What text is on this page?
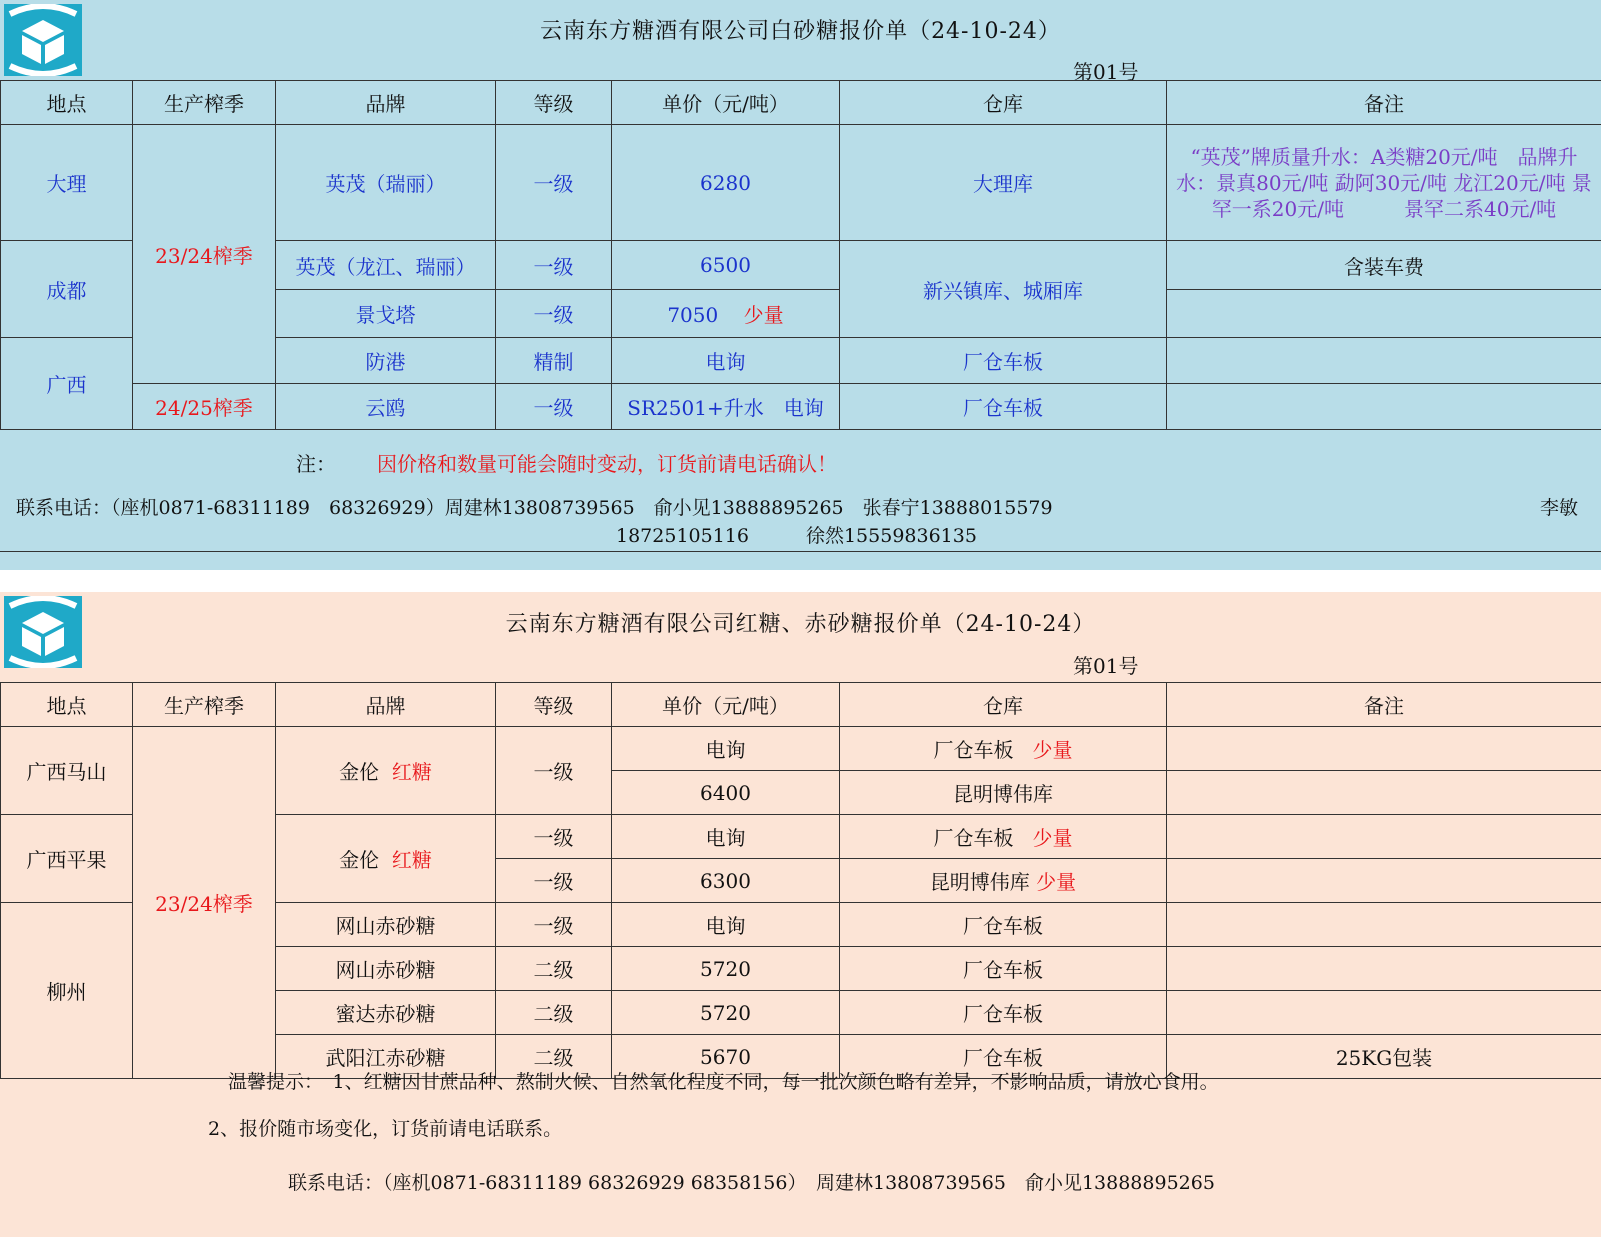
云南东方糖酒有限公司白砂糖报价单（24-10-24）
第01号
地点	生产榨季	品牌	等级	单价（元/吨）	仓库	备注
大理	23/24榨季	英茂（瑞丽）	一级	6280	大理库	“英茂”牌质量升水：A类糖20元/吨　品牌升水：景真80元/吨 勐阿30元/吨 龙江20元/吨 景罕一系20元/吨　　　景罕二系40元/吨
成都		英茂（龙江、瑞丽）	一级	6500	新兴镇库、城厢库	含装车费
		景戈塔	一级	7050 少量		
广西		防港	精制	电询	厂仓车板	
	24/25榨季	云鸥	一级	SR2501+升水　电询	厂仓车板	
注： 因价格和数量可能会随时变动，订货前请电话确认！
联系电话：（座机0871-68311189　68326929）周建林13808739565　俞小见13888895265　张春宁13888015579	李敏
18725105116　　　徐然15559836135
云南东方糖酒有限公司红糖、赤砂糖报价单（24-10-24）
第01号
地点	生产榨季	品牌	等级	单价（元/吨）	仓库	备注
广西马山	23/24榨季	金伦 红糖	一级	电询	厂仓车板 少量	
				6400	昆明博伟库	
广西平果		金伦 红糖	一级	电询	厂仓车板 少量	
			一级	6300	昆明博伟库 少量	
柳州		网山赤砂糖	一级	电询	厂仓车板	
		网山赤砂糖	二级	5720	厂仓车板	
		蜜达赤砂糖	二级	5720	厂仓车板	
		武阳江赤砂糖	二级	5670	厂仓车板	25KG包装
温馨提示：　1、红糖因甘蔗品种、熬制火候、自然氧化程度不同，每一批次颜色略有差异，不影响品质，请放心食用。
2、报价随市场变化，订货前请电话联系。
联系电话：（座机0871-68311189 68326929 68358156）　周建林13808739565　俞小见13888895265
